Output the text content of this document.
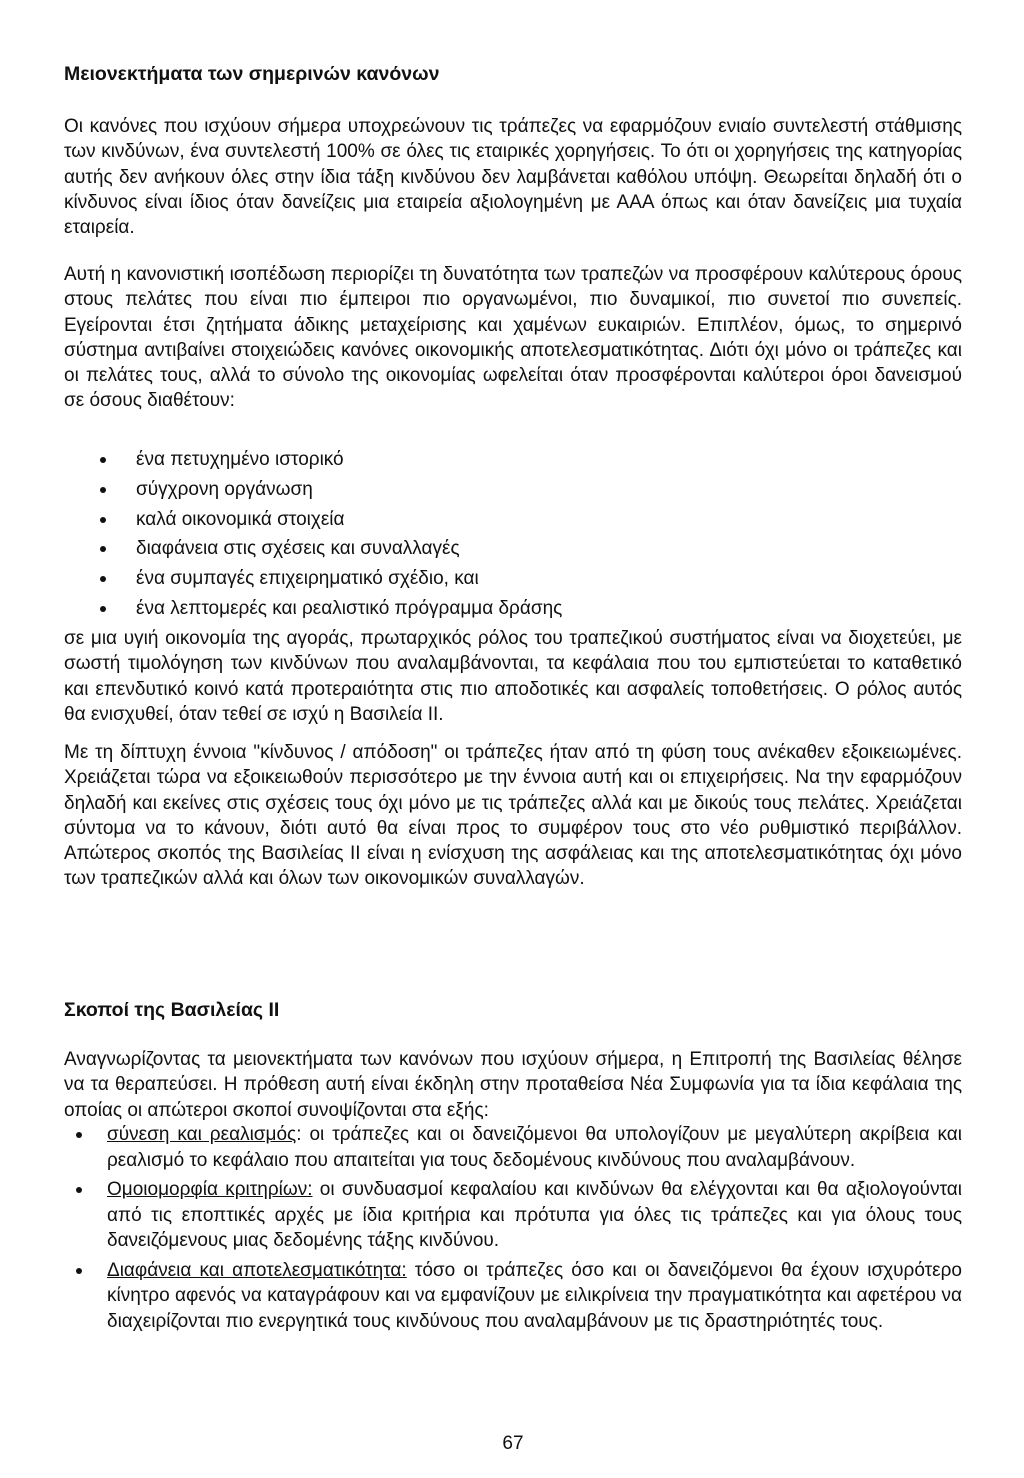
Μειονεκτήματα των σημερινών κανόνων

Οι κανόνες που ισχύουν σήμερα υποχρεώνουν τις τράπεζες να εφαρμόζουν ενιαίο συντελεστή στάθμισης των κινδύνων, ένα συντελεστή 100% σε όλες τις εταιρικές χορηγήσεις. Το ότι οι χορηγήσεις της κατηγορίας αυτής δεν ανήκουν όλες στην ίδια τάξη κινδύνου δεν λαμβάνεται καθόλου υπόψη. Θεωρείται δηλαδή ότι ο κίνδυνος είναι ίδιος όταν δανείζεις μια εταιρεία αξιολογημένη με ΑΑΑ όπως και όταν δανείζεις μια τυχαία εταιρεία.

Αυτή η κανονιστική ισοπέδωση περιορίζει τη δυνατότητα των τραπεζών να προσφέρουν καλύτερους όρους στους πελάτες που είναι πιο έμπειροι πιο οργανωμένοι, πιο δυναμικοί, πιο συνετοί πιο συνεπείς. Εγείρονται έτσι ζητήματα άδικης μεταχείρισης και χαμένων ευκαιριών. Επιπλέον, όμως, το σημερινό σύστημα αντιβαίνει στοιχειώδεις κανόνες οικονομικής αποτελεσματικότητας. Διότι όχι μόνο οι τράπεζες και οι πελάτες τους, αλλά το σύνολο της οικονομίας ωφελείται όταν προσφέρονται καλύτεροι όροι δανεισμού σε όσους διαθέτουν:

ένα πετυχημένο ιστορικό
σύγχρονη οργάνωση
καλά οικονομικά στοιχεία
διαφάνεια στις σχέσεις και συναλλαγές
ένα συμπαγές επιχειρηματικό σχέδιο, και
ένα λεπτομερές και ρεαλιστικό πρόγραμμα δράσης

σε μια υγιή οικονομία της αγοράς, πρωταρχικός ρόλος του τραπεζικού συστήματος είναι να διοχετεύει, με σωστή τιμολόγηση των κινδύνων που αναλαμβάνονται, τα κεφάλαια που του εμπιστεύεται το καταθετικό και επενδυτικό κοινό κατά προτεραιότητα στις πιο αποδοτικές και ασφαλείς τοποθετήσεις. Ο ρόλος αυτός θα ενισχυθεί, όταν τεθεί σε ισχύ η Βασιλεία ΙΙ.

Με τη δίπτυχη έννοια "κίνδυνος / απόδοση" οι τράπεζες ήταν από τη φύση τους ανέκαθεν εξοικειωμένες. Χρειάζεται τώρα να εξοικειωθούν περισσότερο με την έννοια αυτή και οι επιχειρήσεις. Να την εφαρμόζουν δηλαδή και εκείνες στις σχέσεις τους όχι μόνο με τις τράπεζες αλλά και με δικούς τους πελάτες. Χρειάζεται σύντομα να το κάνουν, διότι αυτό θα είναι προς το συμφέρον τους στο νέο ρυθμιστικό περιβάλλον. Απώτερος σκοπός της Βασιλείας ΙΙ είναι η ενίσχυση της ασφάλειας και της αποτελεσματικότητας όχι μόνο των τραπεζικών αλλά και όλων των οικονομικών συναλλαγών.

Σκοποί της Βασιλείας ΙΙ

Αναγνωρίζοντας τα μειονεκτήματα των κανόνων που ισχύουν σήμερα, η Επιτροπή της Βασιλείας θέλησε να τα θεραπεύσει. Η πρόθεση αυτή είναι έκδηλη στην προταθείσα Νέα Συμφωνία για τα ίδια κεφάλαια της οποίας οι απώτεροι σκοποί συνοψίζονται στα εξής:

σύνεση και ρεαλισμός: οι τράπεζες και οι δανειζόμενοι θα υπολογίζουν με μεγαλύτερη ακρίβεια και ρεαλισμό το κεφάλαιο που απαιτείται για τους δεδομένους κινδύνους που αναλαμβάνουν.
Ομοιομορφία κριτηρίων: οι συνδυασμοί κεφαλαίου και κινδύνων θα ελέγχονται και θα αξιολογούνται από τις εποπτικές αρχές με ίδια κριτήρια και πρότυπα για όλες τις τράπεζες και για όλους τους δανειζόμενους μιας δεδομένης τάξης κινδύνου.
Διαφάνεια και αποτελεσματικότητα: τόσο οι τράπεζες όσο και οι δανειζόμενοι θα έχουν ισχυρότερο κίνητρο αφενός να καταγράφουν και να εμφανίζουν με ειλικρίνεια την πραγματικότητα και αφετέρου να διαχειρίζονται πιο ενεργητικά τους κινδύνους που αναλαμβάνουν με τις δραστηριότητές τους.
67
